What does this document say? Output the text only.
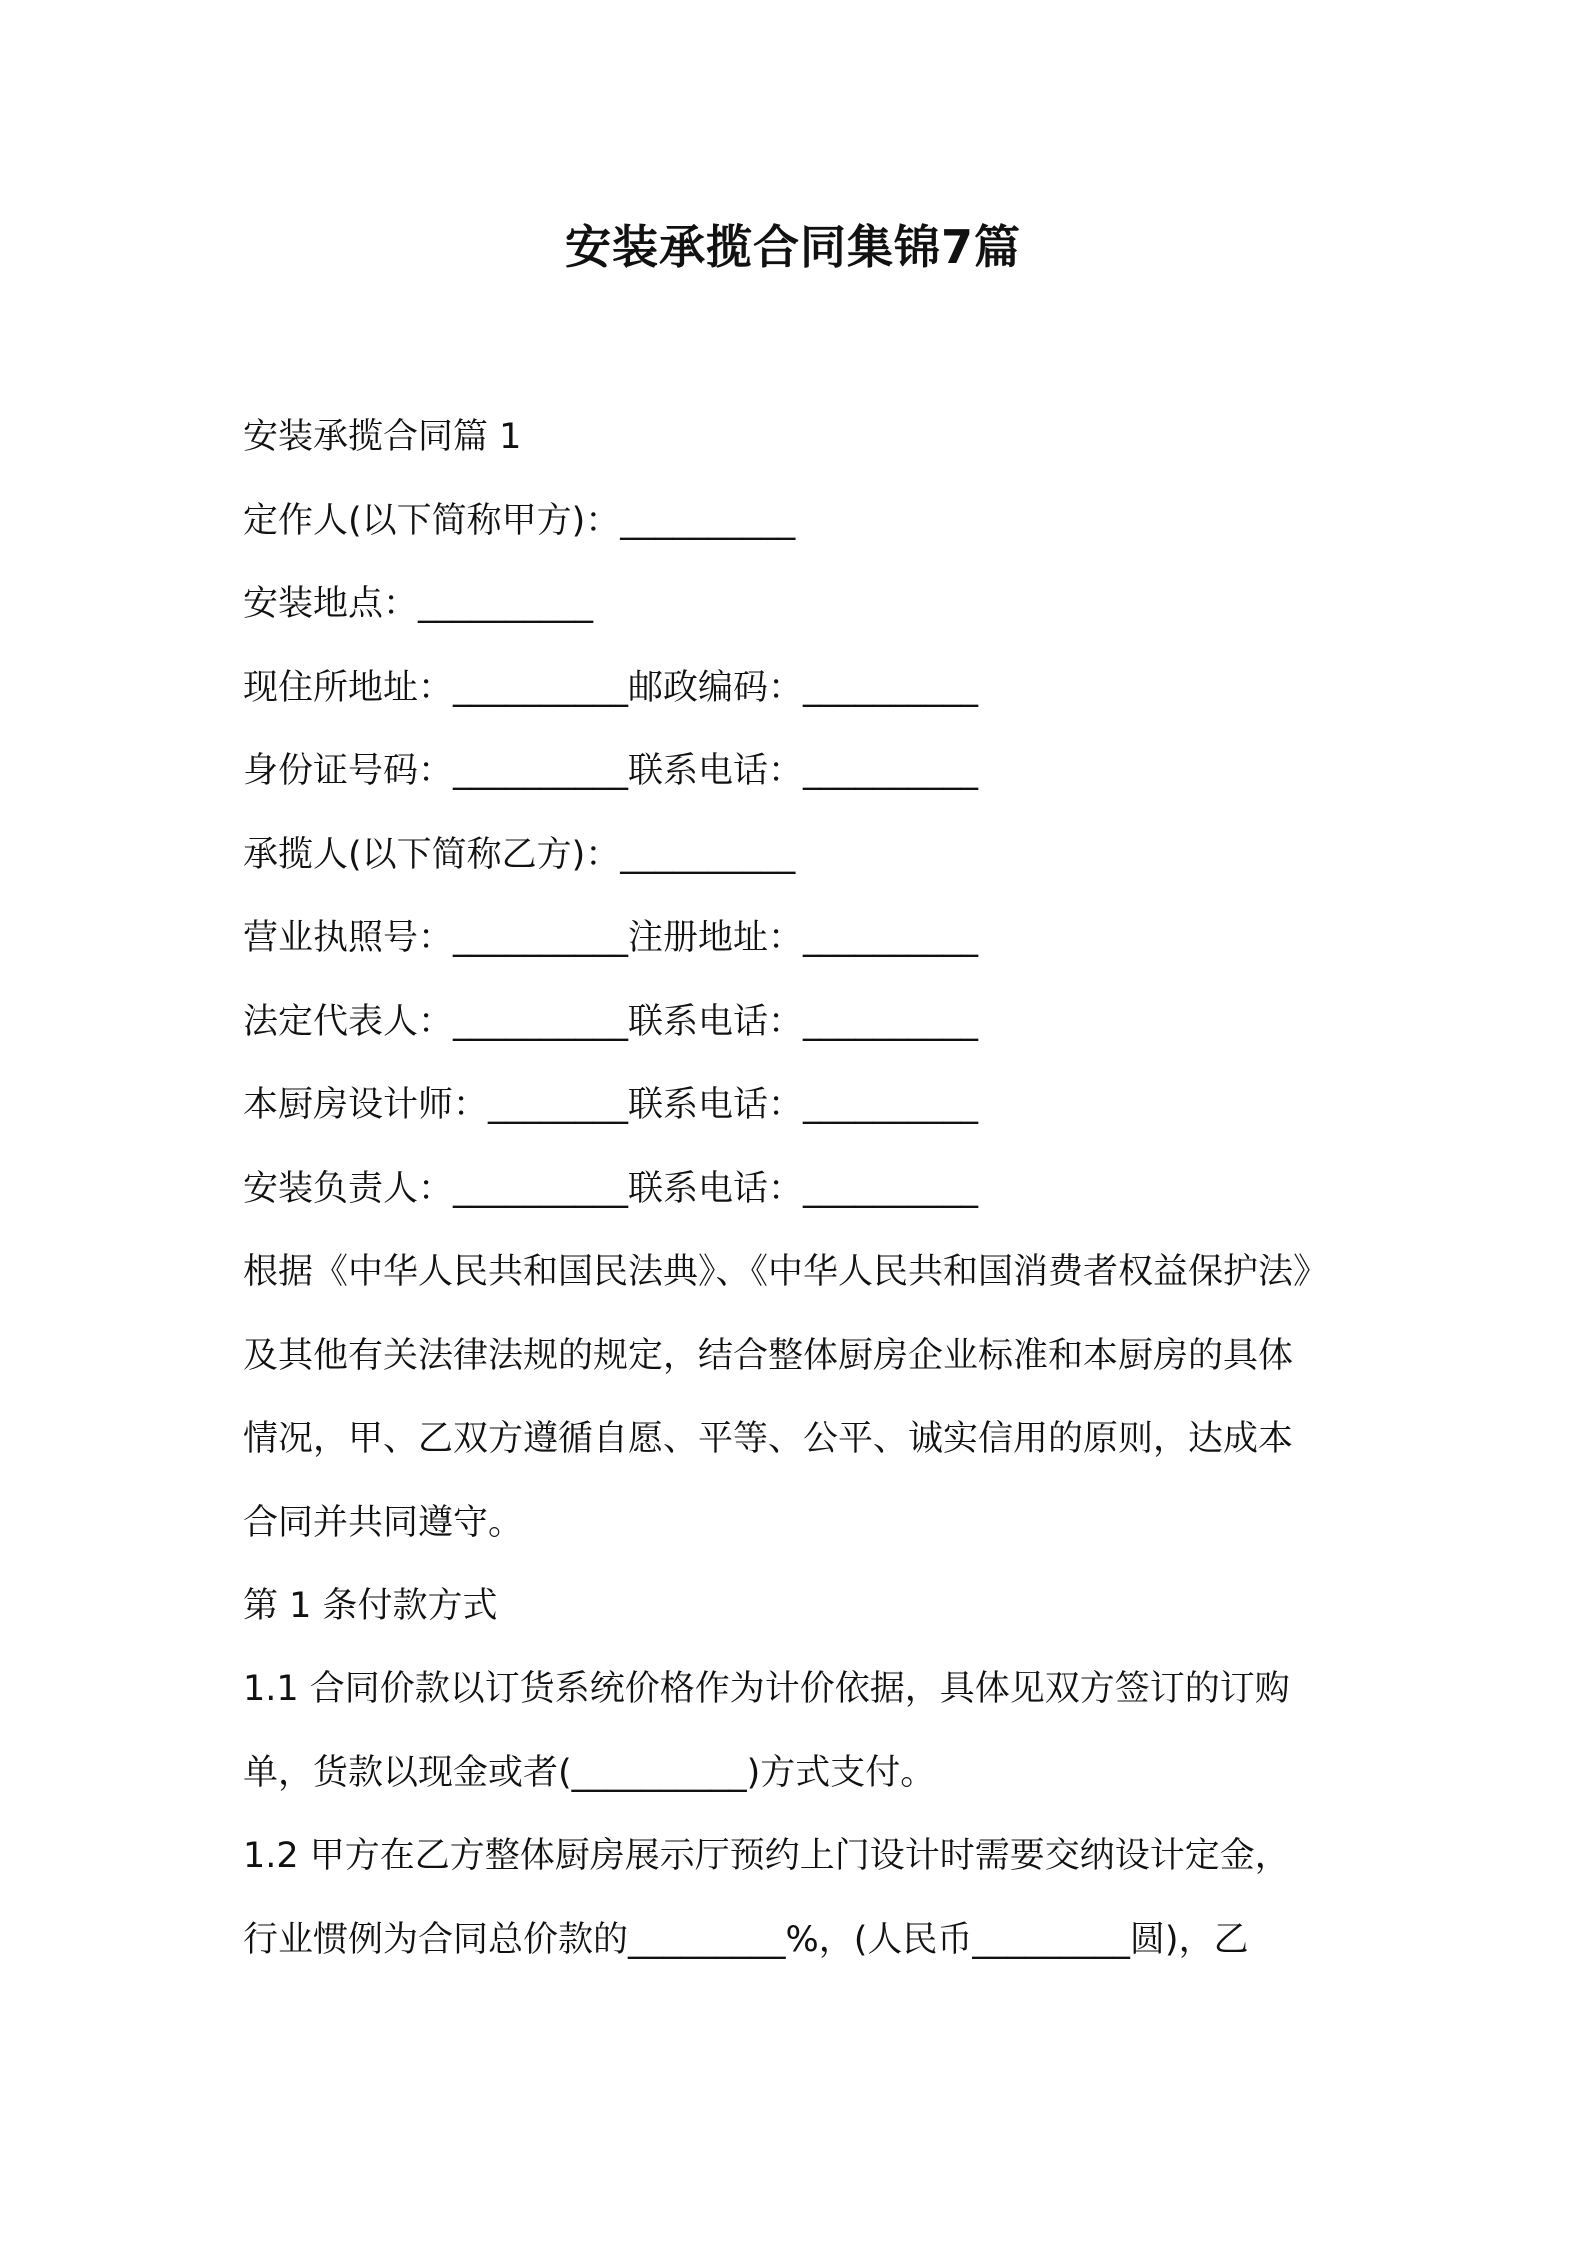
安装承揽合同集锦7篇

安装承揽合同篇 1

定作人(以下简称甲方)：__________

安装地点：__________

现住所地址：__________邮政编码：__________

身份证号码：__________联系电话：__________

承揽人(以下简称乙方)：__________

营业执照号：__________注册地址：__________

法定代表人：__________联系电话：__________

本厨房设计师：________联系电话：__________

安装负责人：__________联系电话：__________

根据《中华人民共和国民法典》、《中华人民共和国消费者权益保护法》
及其他有关法律法规的规定，结合整体厨房企业标准和本厨房的具体
情况，甲、乙双方遵循自愿、平等、公平、诚实信用的原则，达成本
合同并共同遵守。

第 1 条付款方式

1.1 合同价款以订货系统价格作为计价依据，具体见双方签订的订购
单，货款以现金或者(__________)方式支付。
1.2 甲方在乙方整体厨房展示厅预约上门设计时需要交纳设计定金，
行业惯例为合同总价款的_________%，(人民币_________圆)，乙
